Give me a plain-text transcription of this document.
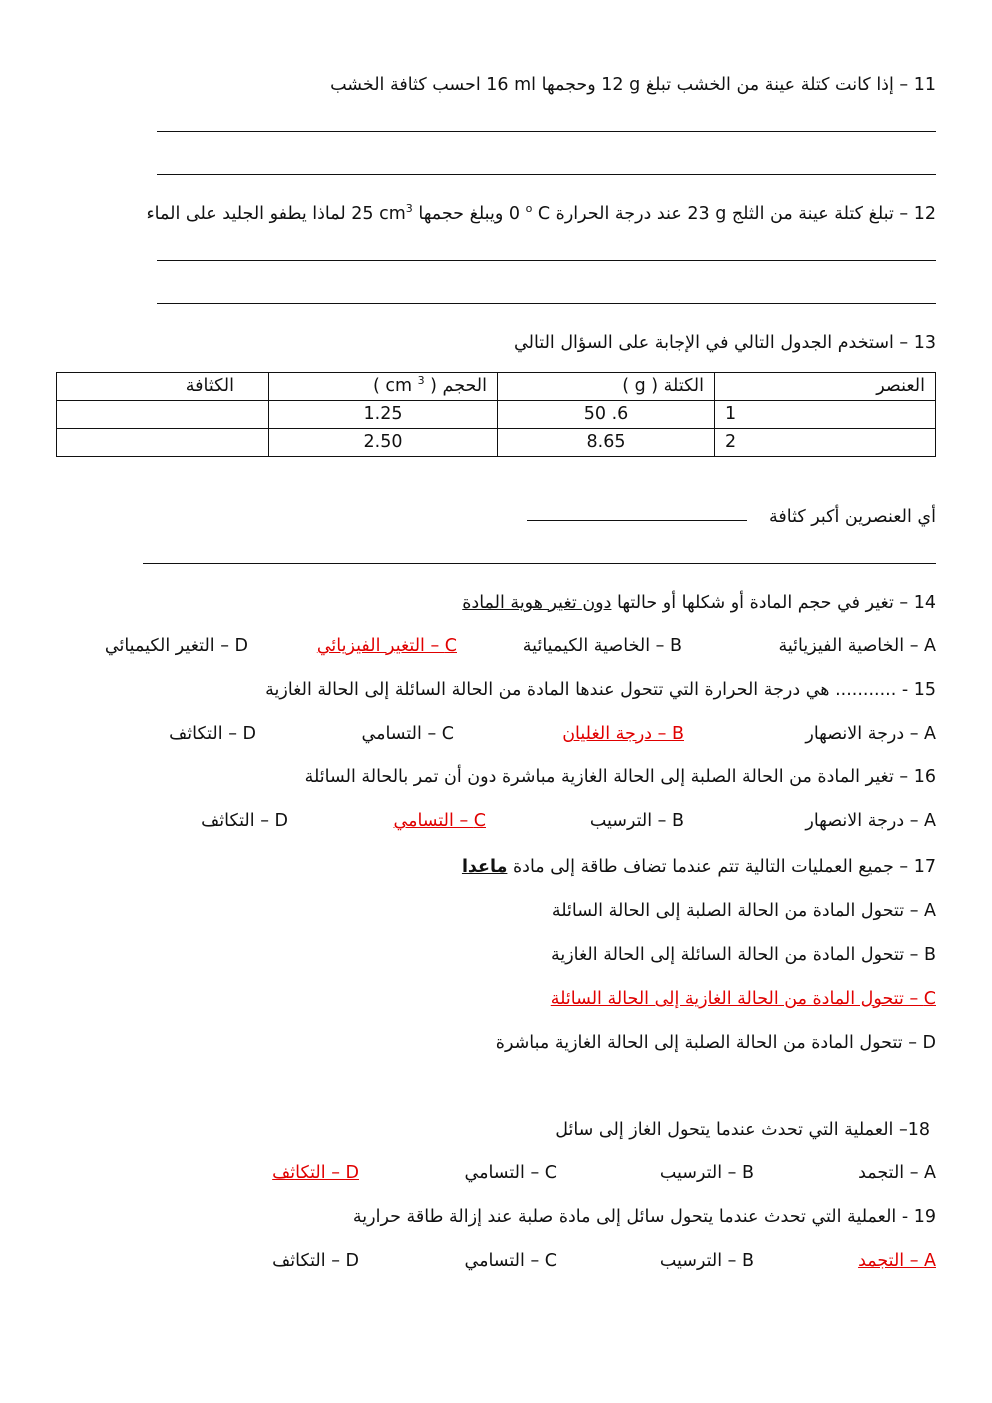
11 – إذا كانت كتلة عينة من الخشب تبلغ 12 g وحجمها 16 ml احسب كثافة الخشب
12 – تبلغ كتلة عينة من الثلج 23 g عند درجة الحرارة 0 $^o$ C ويبلغ حجمها 25 $cm^3$ لماذا يطفو الجليد على الماء
13 – استخدم الجدول التالي في الإجابة على السؤال التالي
العنصر	الكتلة ( g )	الحجم ( cm $^3$ )	الكثافة
1	6. 50	1.25	
2	8.65	2.50	
أي العنصرين أكبر كثافة
14 – تغير في حجم المادة أو شكلها أو حالتها دون تغير هوية المادة
A – الخاصية الفيزيائية
B – الخاصية الكيميائية
C – التغير الفيزيائي
D – التغير الكيميائي
15 - ........... هي درجة الحرارة التي تتحول عندها المادة من الحالة السائلة إلى الحالة الغازية
A – درجة الانصهار
B – درجة الغليان
C – التسامي
D – التكاثف
16 – تغير المادة من الحالة الصلبة إلى الحالة الغازية مباشرة دون أن تمر بالحالة السائلة
A – درجة الانصهار
B – الترسيب
C – التسامي
D – التكاثف
17 – جميع العمليات التالية تتم عندما تضاف طاقة إلى مادة ماعدا
A – تتحول المادة من الحالة الصلبة إلى الحالة السائلة
B – تتحول المادة من الحالة السائلة إلى الحالة الغازية
C – تتحول المادة من الحالة الغازية إلى الحالة السائلة
D – تتحول المادة من الحالة الصلبة إلى الحالة الغازية مباشرة
18– العملية التي تحدث عندما يتحول الغاز إلى سائل
A – التجمد
B – الترسيب
C – التسامي
D – التكاثف
19 - العملية التي تحدث عندما يتحول سائل إلى مادة صلبة عند إزالة طاقة حرارية
A – التجمد
B – الترسيب
C – التسامي
D – التكاثف
